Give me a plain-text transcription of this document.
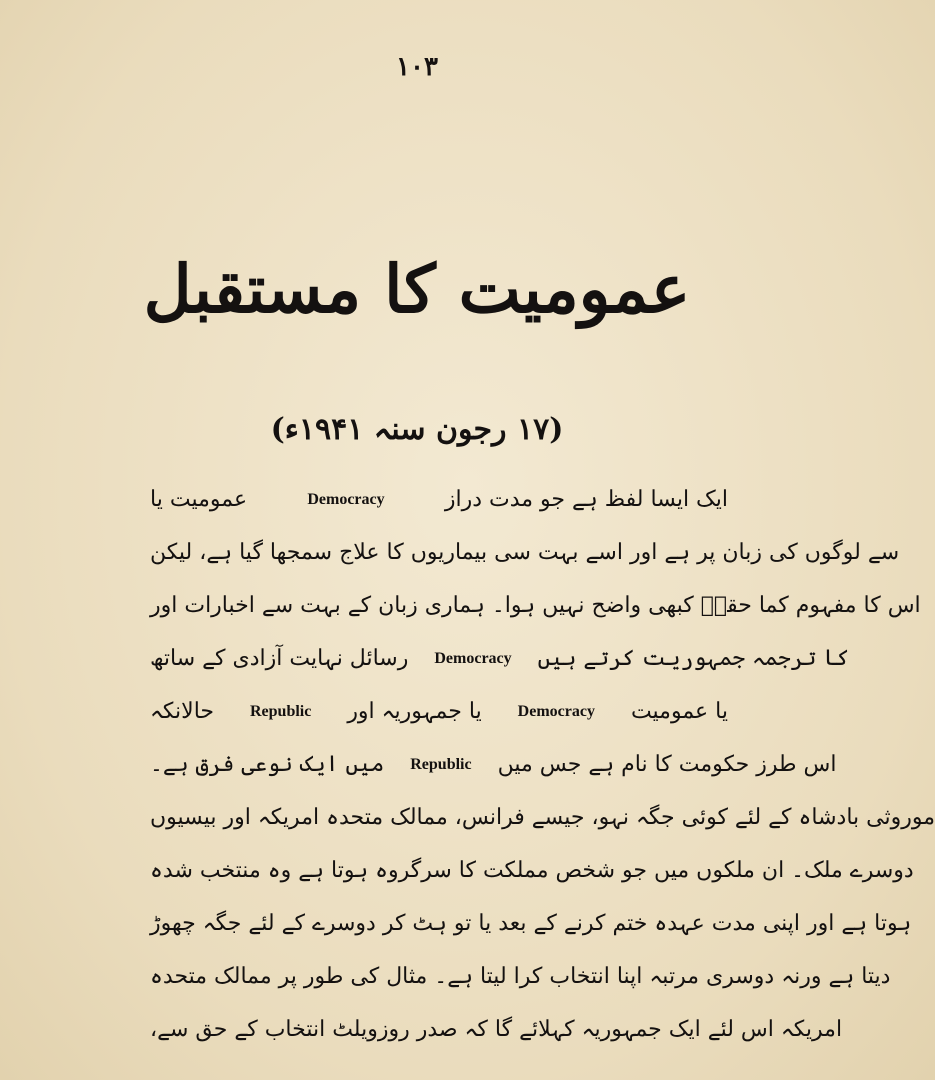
۱۰۳
عمومیت کا مستقبل
(۱۷ رجون سنہ ۱۹۴۱ء)
عمومیت یا	Democracy	ایک ایسا لفظ ہے جو مدت دراز
سے لوگوں کی زبان پر ہے اور اسے بہت سی بیماریوں کا علاج سمجھا گیا ہے، لیکن
اس کا مفہوم کما حقہٗ کبھی واضح نہیں ہوا۔ ہماری زبان کے بہت سے اخبارات اور
رسائل نہایت آزادی کے ساتھ Democracy کا ترجمہ جمہوریت کرتے ہیں
حالانکہ Republic یا جمہوریہ اور Democracy یا عمومیت
میں ایک نوعی فرق ہے۔ Republic اس طرز حکومت کا نام ہے جس میں
موروثی بادشاہ کے لئے کوئی جگہ نہو، جیسے فرانس، ممالک متحدہ امریکہ اور بیسیوں
دوسرے ملک۔ ان ملکوں میں جو شخص مملکت کا سرگروہ ہوتا ہے وہ منتخب شدہ
ہوتا ہے اور اپنی مدت عہدہ ختم کرنے کے بعد یا تو ہٹ کر دوسرے کے لئے جگہ چھوڑ
دیتا ہے ورنہ دوسری مرتبہ اپنا انتخاب کرا لیتا ہے۔ مثال کی طور پر ممالک متحدہ
امریکہ اس لئے ایک جمہوریہ کہلائے گا کہ صدر روزویلٹ انتخاب کے حق سے،
